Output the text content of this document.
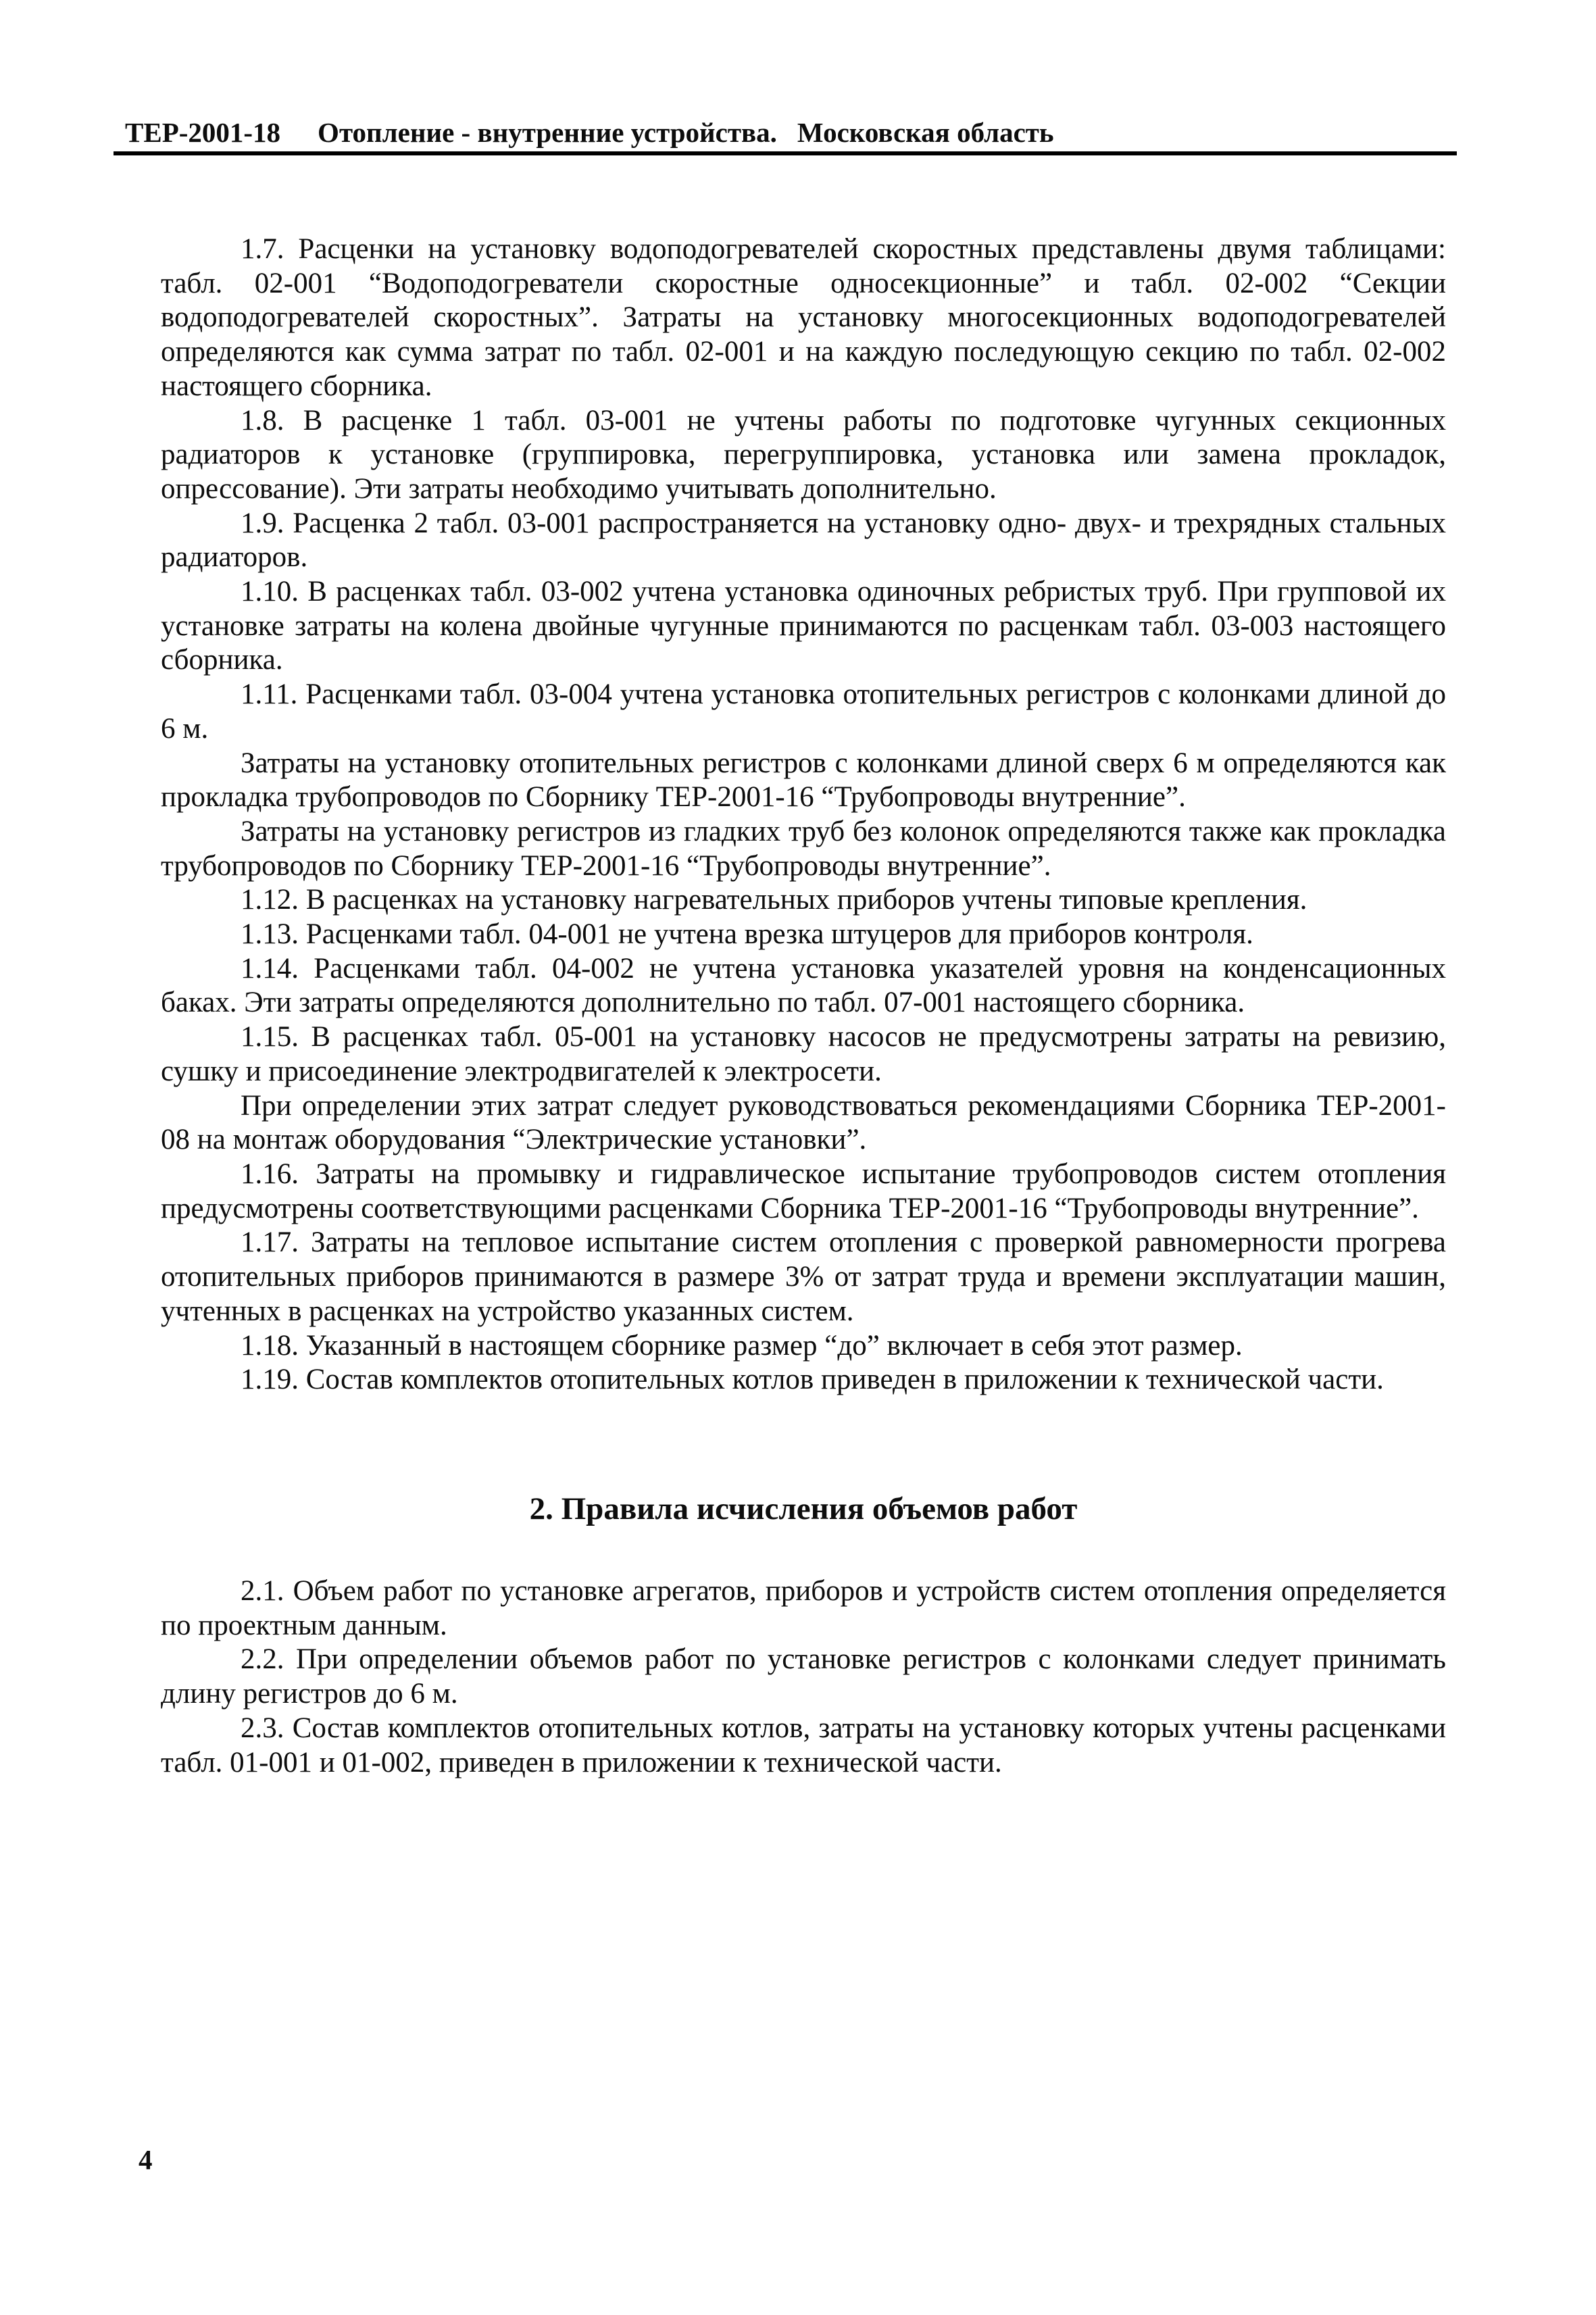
ТЕР-2001-18 Отопление - внутренние устройства. Московская область

1.7. Расценки на установку водоподогревателей скоростных представлены двумя таблицами: табл. 02-001 “Водоподогреватели скоростные односекционные” и табл. 02-002 “Секции водоподогревателей скоростных”. Затраты на установку многосекционных водоподогревателей определяются как сумма затрат по табл. 02-001 и на каждую последующую секцию по табл. 02-002 настоящего сборника.

1.8. В расценке 1 табл. 03-001 не учтены работы по подготовке чугунных секционных радиаторов к установке (группировка, перегруппировка, установка или замена прокладок, опрессование). Эти затраты необходимо учитывать дополнительно.

1.9. Расценка 2 табл. 03-001 распространяется на установку одно- двух- и трехрядных стальных радиаторов.

1.10. В расценках табл. 03-002 учтена установка одиночных ребристых труб. При групповой их установке затраты на колена двойные чугунные принимаются по расценкам табл. 03-003 настоящего сборника.

1.11. Расценками табл. 03-004 учтена установка отопительных регистров с колонками длиной до 6 м.

Затраты на установку отопительных регистров с колонками длиной сверх 6 м определяются как прокладка трубопроводов по Сборнику ТЕР-2001-16 “Трубопроводы внутренние”.

Затраты на установку регистров из гладких труб без колонок определяются также как прокладка трубопроводов по Сборнику ТЕР-2001-16 “Трубопроводы внутренние”.

1.12. В расценках на установку нагревательных приборов учтены типовые крепления.

1.13. Расценками табл. 04-001 не учтена врезка штуцеров для приборов контроля.

1.14. Расценками табл. 04-002 не учтена установка указателей уровня на конденсационных баках. Эти затраты определяются дополнительно по табл. 07-001 настоящего сборника.

1.15. В расценках табл. 05-001 на установку насосов не предусмотрены затраты на ревизию, сушку и присоединение электродвигателей к электросети.

При определении этих затрат следует руководствоваться рекомендациями Сборника ТЕР-2001-08 на монтаж оборудования “Электрические установки”.

1.16. Затраты на промывку и гидравлическое испытание трубопроводов систем отопления предусмотрены соответствующими расценками Сборника ТЕР-2001-16 “Трубопроводы внутренние”.

1.17. Затраты на тепловое испытание систем отопления с проверкой равномерности прогрева отопительных приборов принимаются в размере 3% от затрат труда и времени эксплуатации машин, учтенных в расценках на устройство указанных систем.

1.18. Указанный в настоящем сборнике размер “до” включает в себя этот размер.

1.19. Состав комплектов отопительных котлов приведен в приложении к технической части.

2. Правила исчисления объемов работ

2.1. Объем работ по установке агрегатов, приборов и устройств систем отопления определяется по проектным данным.

2.2. При определении объемов работ по установке регистров с колонками следует принимать длину регистров до 6 м.

2.3. Состав комплектов отопительных котлов, затраты на установку которых учтены расценками табл. 01-001 и 01-002, приведен в приложении к технической части.

4
